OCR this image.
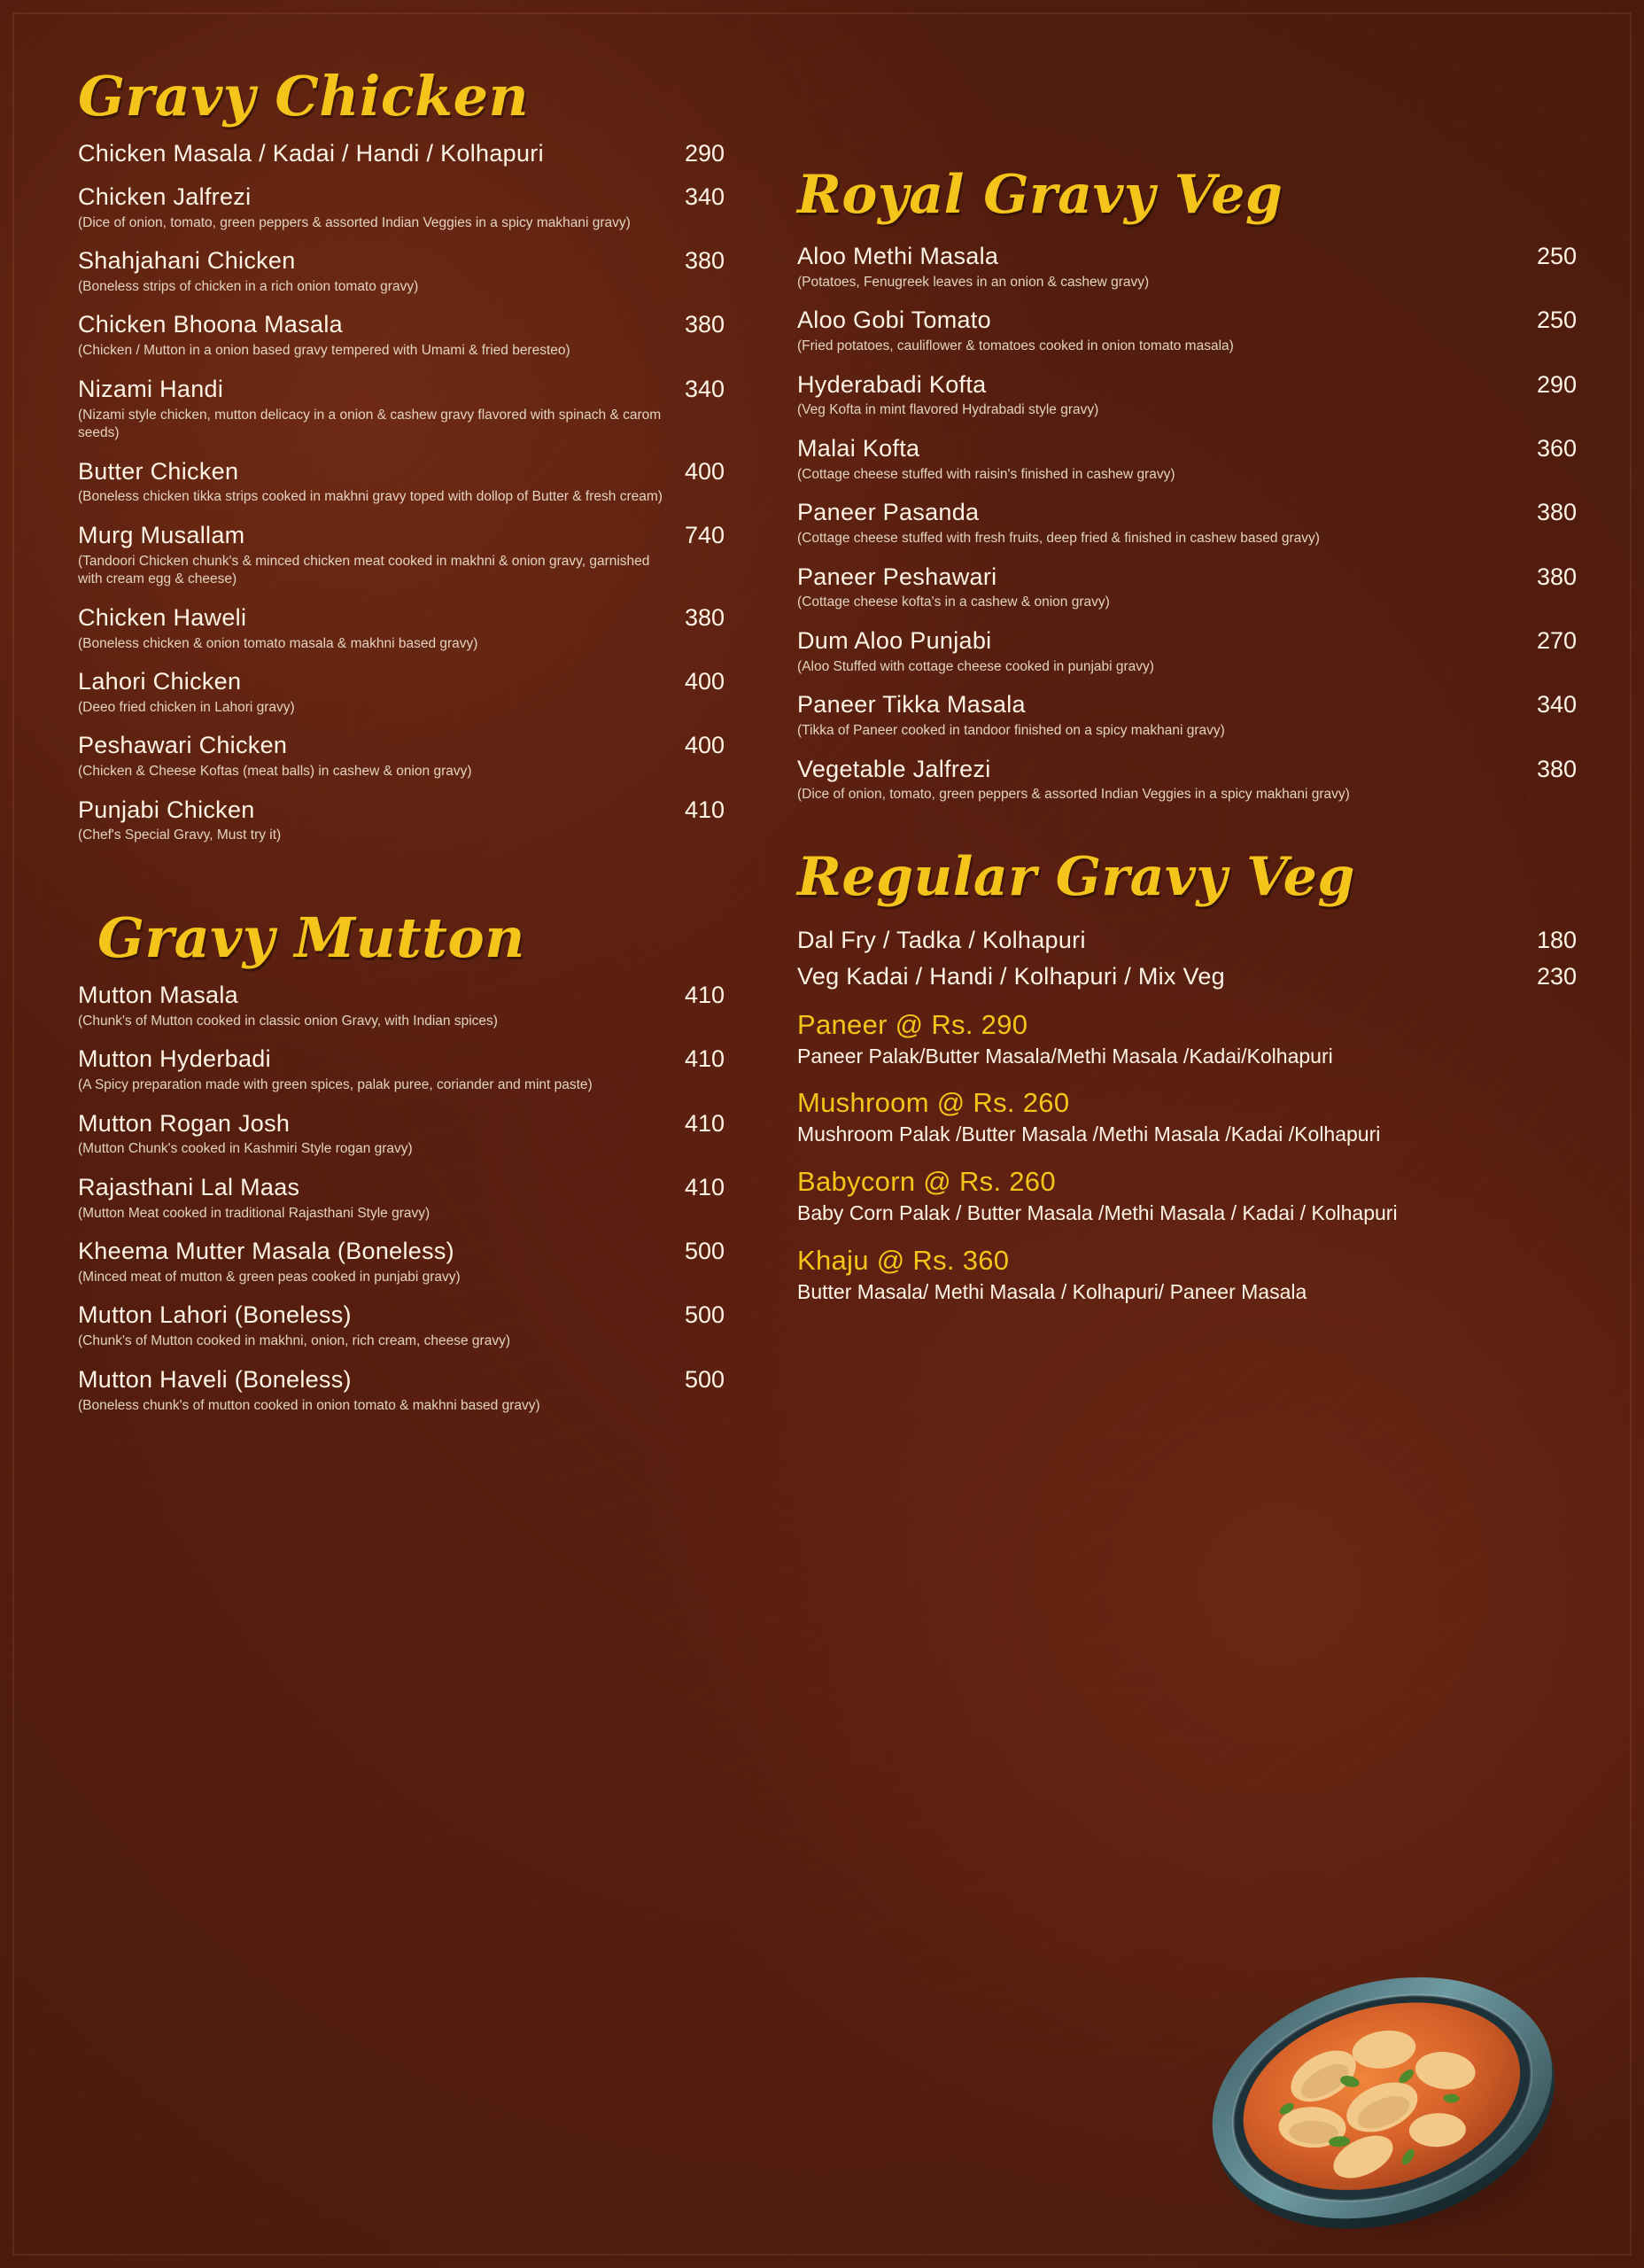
Gravy Chicken
Chicken Masala / Kadai / Handi / Kolhapuri	290
Chicken Jalfrezi	340
(Dice of onion, tomato, green peppers & assorted Indian Veggies in a spicy makhani gravy)
Shahjahani Chicken	380
(Boneless strips of chicken in a rich onion tomato gravy)
Chicken Bhoona Masala	380
(Chicken / Mutton in a onion based gravy tempered with Umami & fried beresteo)
Nizami Handi	340
(Nizami style chicken, mutton delicacy in a onion & cashew gravy flavored with spinach & carom seeds)
Butter Chicken	400
(Boneless chicken tikka strips cooked in makhni gravy toped with dollop of Butter & fresh cream)
Murg Musallam	740
(Tandoori Chicken chunk's & minced chicken meat cooked in makhni & onion gravy, garnished with cream egg & cheese)
Chicken Haweli	380
(Boneless chicken & onion tomato masala & makhni based gravy)
Lahori Chicken	400
(Deeo fried chicken in Lahori gravy)
Peshawari Chicken	400
(Chicken & Cheese Koftas (meat balls) in cashew & onion gravy)
Punjabi Chicken	410
(Chef's Special Gravy, Must try it)
Gravy Mutton
Mutton Masala	410
(Chunk's of Mutton cooked in classic onion Gravy, with Indian spices)
Mutton Hyderbadi	410
(A Spicy preparation made with green spices, palak puree, coriander and mint paste)
Mutton Rogan Josh	410
(Mutton Chunk's cooked in Kashmiri Style rogan gravy)
Rajasthani Lal Maas	410
(Mutton Meat cooked in traditional Rajasthani Style gravy)
Kheema Mutter Masala (Boneless)	500
(Minced meat of mutton & green peas cooked in punjabi gravy)
Mutton Lahori (Boneless)	500
(Chunk's of Mutton cooked in makhni, onion, rich cream, cheese gravy)
Mutton Haveli (Boneless)	500
(Boneless chunk's of mutton cooked in onion tomato & makhni based gravy)
Royal Gravy Veg
Aloo Methi Masala	250
(Potatoes, Fenugreek leaves in an onion & cashew gravy)
Aloo Gobi Tomato	250
(Fried potatoes, cauliflower & tomatoes cooked in onion tomato masala)
Hyderabadi Kofta	290
(Veg Kofta in mint flavored Hydrabadi style gravy)
Malai Kofta	360
(Cottage cheese stuffed with raisin's finished in cashew gravy)
Paneer Pasanda	380
(Cottage cheese stuffed with fresh fruits, deep fried & finished in cashew based gravy)
Paneer Peshawari	380
(Cottage cheese kofta's in a cashew & onion gravy)
Dum Aloo Punjabi	270
(Aloo Stuffed with cottage cheese cooked in punjabi gravy)
Paneer Tikka Masala	340
(Tikka of Paneer cooked in tandoor finished on a spicy makhani gravy)
Vegetable Jalfrezi	380
(Dice of onion, tomato, green peppers & assorted Indian Veggies in a spicy makhani gravy)
Regular Gravy Veg
Dal Fry / Tadka / Kolhapuri	180
Veg Kadai / Handi / Kolhapuri / Mix Veg	230
Paneer @ Rs. 290
Paneer Palak/Butter Masala/Methi Masala /Kadai/Kolhapuri
Mushroom @ Rs. 260
Mushroom Palak /Butter Masala /Methi Masala /Kadai /Kolhapuri
Babycorn @ Rs. 260
Baby Corn Palak / Butter Masala /Methi Masala / Kadai / Kolhapuri
Khaju @ Rs. 360
Butter Masala/ Methi Masala / Kolhapuri/ Paneer Masala
